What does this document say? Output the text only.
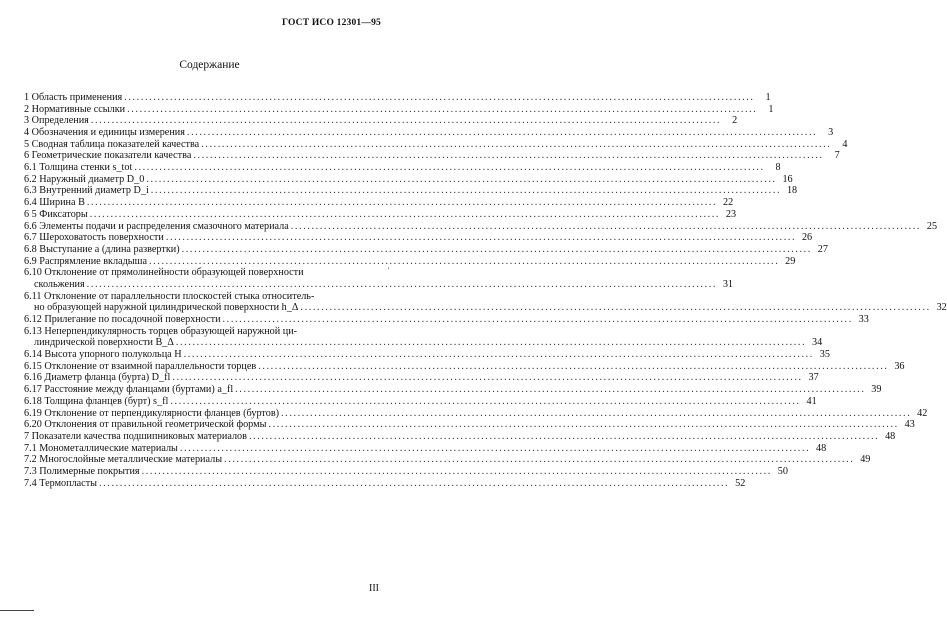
ГОСТ ИСО 12301—95
Содержание
1 Область применения .....	1
2 Нормативные ссылки .....	1
3 Определения .....	2
4 Обозначения и единицы измерения .....	3
5 Сводная таблица показателей качества .....	4
6 Геометрические показатели качества .....	7
6.1 Толщина стенки s_tot .....	8
6.2 Наружный диаметр D_0 .....	16
6.3 Внутренний диаметр D_i .....	18
6.4 Ширина B .....	22
6 5 Фиксаторы .....	23
6.6 Элементы подачи и распределения смазочного материала .....	25
6.7 Шероховатость поверхности .....	26
6.8 Выступание a (длина развертки) .....	27
6.9 Распрямление вкладыша .....	29
6.10 Отклонение от прямолинейности образующей поверхности
скольжения .....	31
6.11 Отклонение от параллельности плоскостей стыка относитель-
но образующей наружной цилиндрической поверхности h_Δ .....	32
6.12 Прилегание по посадочной поверхности .....	33
6.13 Неперпендикулярность торцев образующей наружной ци-
линдрической поверхности B_Δ .....	34
6.14 Высота упорного полукольца H .....	35
6.15 Отклонение от взаимной параллельности торцев .....	36
6.16 Диаметр фланца (бурта) D_fl .....	37
6.17 Расстояние между фланцами (буртами) a_fl .....	39
6.18 Толщина фланцев (бурт) s_fl .....	41
6.19 Отклонение от перпендикулярности фланцев (буртов) .....	42
6.20 Отклонения от правильной геометрической формы .....	43
7 Показатели качества подшипниковых материалов .....	48
7.1 Монометаллические материалы .....	48
7.2 Многослойные металлические материалы .....	49
7.3 Полимерные покрытия .....	50
7.4 Термопласты .....	52
'
III
